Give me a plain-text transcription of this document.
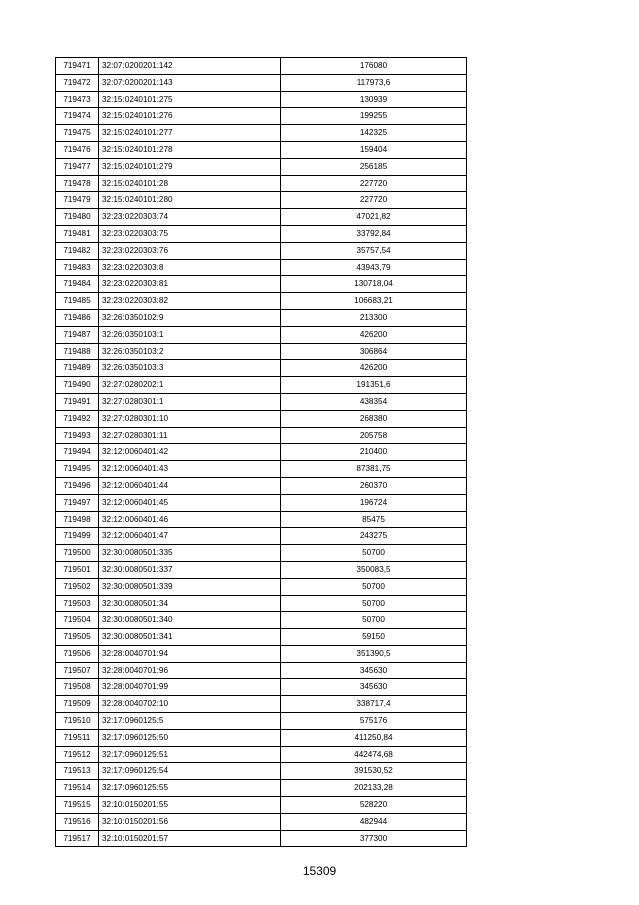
719471	32:07:0200201:142	176080
719472	32:07:0200201:143	117973,6
719473	32:15:0240101:275	130939
719474	32:15:0240101:276	199255
719475	32:15:0240101:277	142325
719476	32:15:0240101:278	159404
719477	32:15:0240101:279	256185
719478	32:15:0240101:28	227720
719479	32:15:0240101:280	227720
719480	32:23:0220303:74	47021,82
719481	32:23:0220303:75	33792,84
719482	32:23:0220303:76	35757,54
719483	32:23:0220303:8	43943,79
719484	32:23:0220303:81	130718,04
719485	32:23:0220303:82	106683,21
719486	32:26:0350102:9	213300
719487	32:26:0350103:1	426200
719488	32:26:0350103:2	306864
719489	32:26:0350103:3	426200
719490	32:27:0280202:1	191351,6
719491	32:27:0280301:1	438354
719492	32:27:0280301:10	268380
719493	32:27:0280301:11	205758
719494	32:12:0060401:42	210400
719495	32:12:0060401:43	87381,75
719496	32:12:0060401:44	260370
719497	32:12:0060401:45	196724
719498	32:12:0060401:46	85475
719499	32:12:0060401:47	243275
719500	32:30:0080501:335	50700
719501	32:30:0080501:337	350083,5
719502	32:30:0080501:339	50700
719503	32:30:0080501:34	50700
719504	32:30:0080501:340	50700
719505	32:30:0080501:341	59150
719506	32:28:0040701:94	351390,5
719507	32:28:0040701:96	345630
719508	32:28:0040701:99	345630
719509	32:28:0040702:10	338717,4
719510	32:17:0960125:5	575176
719511	32:17:0960125:50	411250,84
719512	32:17:0960125:51	442474,68
719513	32:17:0960125:54	391530,52
719514	32:17:0960125:55	202133,28
719515	32:10:0150201:55	528220
719516	32:10:0150201:56	482944
719517	32:10:0150201:57	377300
15309
